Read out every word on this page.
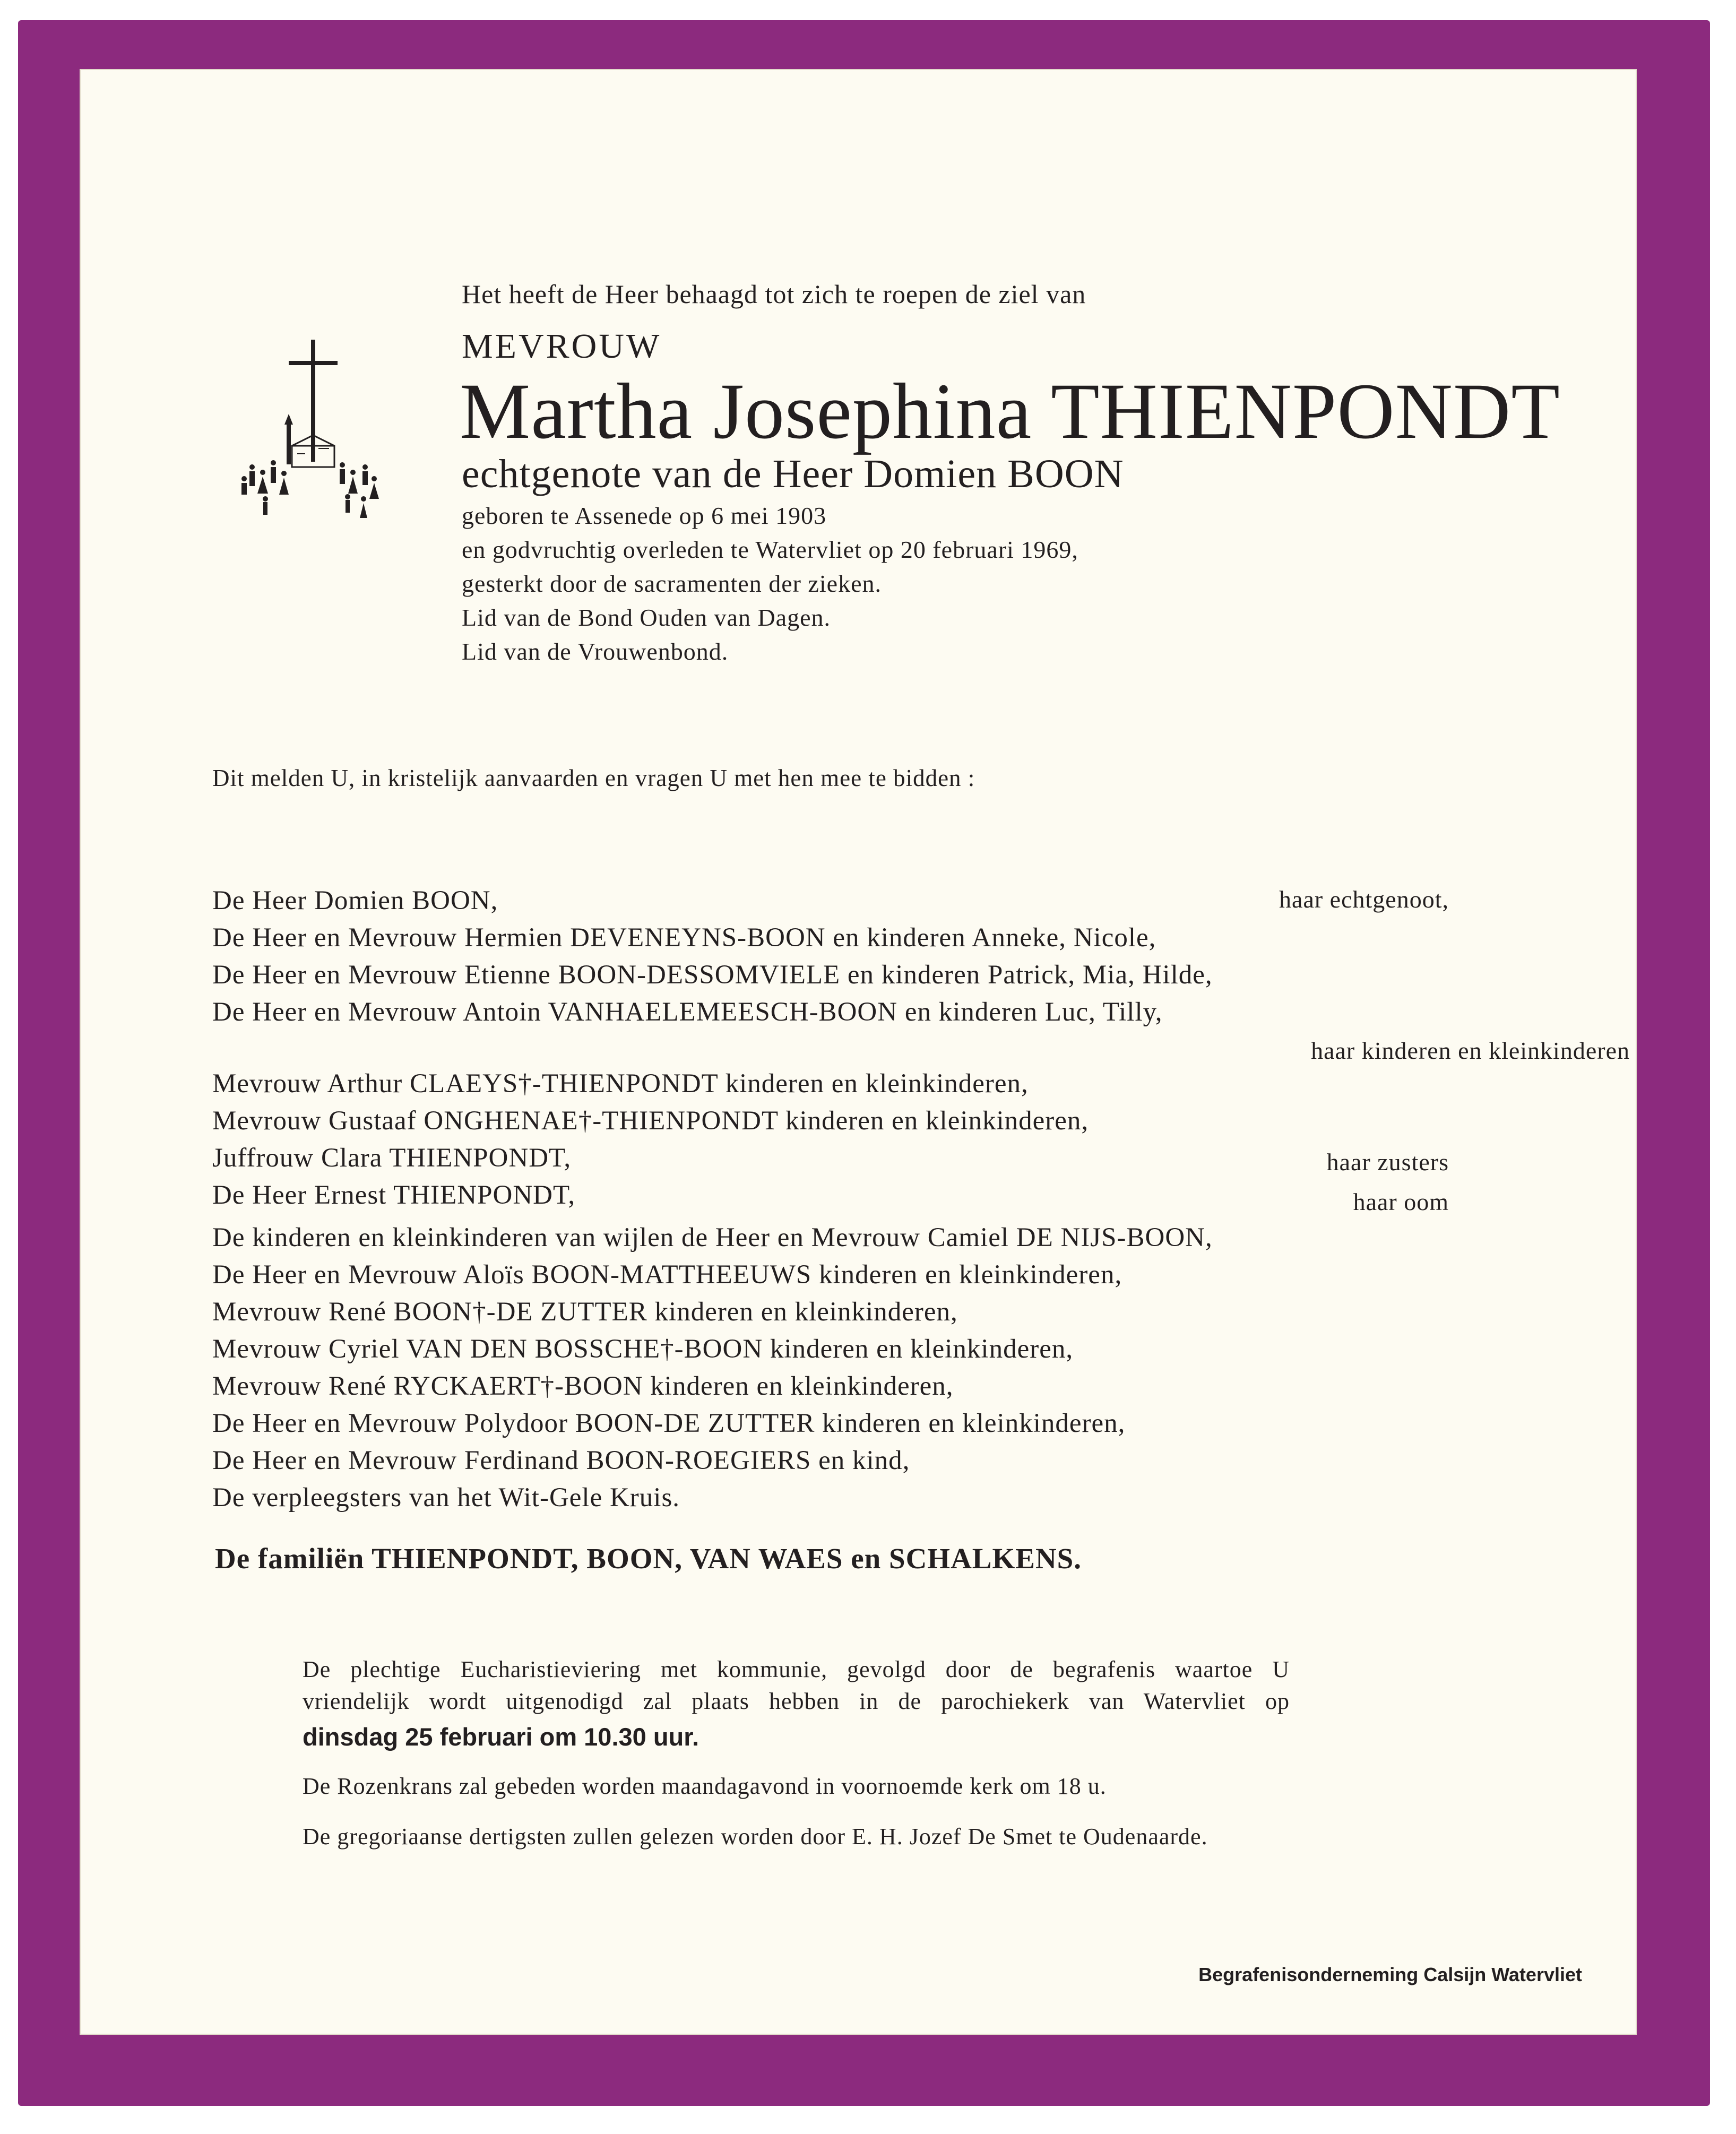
Het heeft de Heer behaagd tot zich te roepen de ziel van
MEVROUW
Martha Josephina THIENPONDT
echtgenote van de Heer Domien BOON
geboren te Assenede op 6 mei 1903
en godvruchtig overleden te Watervliet op 20 februari 1969,
gesterkt door de sacramenten der zieken.
Lid van de Bond Ouden van Dagen.
Lid van de Vrouwenbond.
Dit melden U, in kristelijk aanvaarden en vragen U met hen mee te bidden :
De Heer Domien BOON,	haar echtgenoot,
De Heer en Mevrouw Hermien DEVENEYNS-BOON en kinderen Anneke, Nicole,
De Heer en Mevrouw Etienne BOON-DESSOMVIELE en kinderen Patrick, Mia, Hilde,
De Heer en Mevrouw Antoin VANHAELEMEESCH-BOON en kinderen Luc, Tilly,
haar kinderen en kleinkinderen
Mevrouw Arthur CLAEYS†-THIENPONDT kinderen en kleinkinderen,
Mevrouw Gustaaf ONGHENAE†-THIENPONDT kinderen en kleinkinderen,
Juffrouw Clara THIENPONDT,	haar zusters
De Heer Ernest THIENPONDT,	haar oom
De kinderen en kleinkinderen van wijlen de Heer en Mevrouw Camiel DE NIJS-BOON,
De Heer en Mevrouw Aloïs BOON-MATTHEEUWS kinderen en kleinkinderen,
Mevrouw René BOON†-DE ZUTTER kinderen en kleinkinderen,
Mevrouw Cyriel VAN DEN BOSSCHE†-BOON kinderen en kleinkinderen,
Mevrouw René RYCKAERT†-BOON kinderen en kleinkinderen,
De Heer en Mevrouw Polydoor BOON-DE ZUTTER kinderen en kleinkinderen,
De Heer en Mevrouw Ferdinand BOON-ROEGIERS en kind,
De verpleegsters van het Wit-Gele Kruis.
De familiën THIENPONDT, BOON, VAN WAES en SCHALKENS.
De plechtige Eucharistieviering met kommunie, gevolgd door de begrafenis waartoe U
vriendelijk wordt uitgenodigd zal plaats hebben in de parochiekerk van Watervliet op
dinsdag 25 februari om 10.30 uur.
De Rozenkrans zal gebeden worden maandagavond in voornoemde kerk om 18 u.
De gregoriaanse dertigsten zullen gelezen worden door E. H. Jozef De Smet te Oudenaarde.
Begrafenisonderneming Calsijn Watervliet
